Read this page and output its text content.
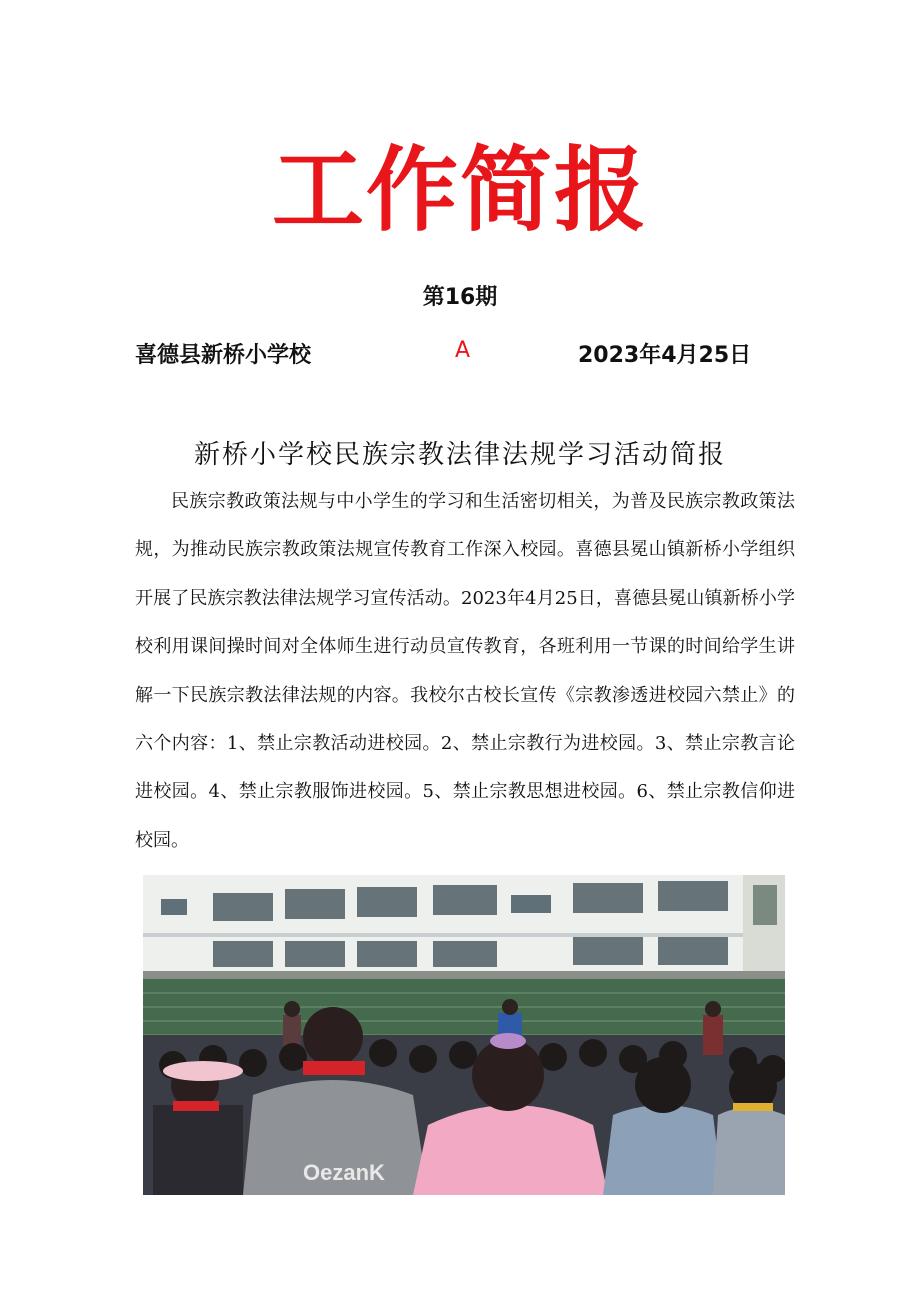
工作简报
第16期
喜德县新桥小学校	A	2023年4月25日
新桥小学校民族宗教法律法规学习活动简报

民族宗教政策法规与中小学生的学习和生活密切相关，为普及民族宗教政策法规，为推动民族宗教政策法规宣传教育工作深入校园。喜德县冕山镇新桥小学组织开展了民族宗教法律法规学习宣传活动。2023年4月25日，喜德县冕山镇新桥小学校利用课间操时间对全体师生进行动员宣传教育，各班利用一节课的时间给学生讲解一下民族宗教法律法规的内容。我校尔古校长宣传《宗教渗透进校园六禁止》的六个内容：1、禁止宗教活动进校园。2、禁止宗教行为进校园。3、禁止宗教言论进校园。4、禁止宗教服饰进校园。5、禁止宗教思想进校园。6、禁止宗教信仰进校园。

OezanK
